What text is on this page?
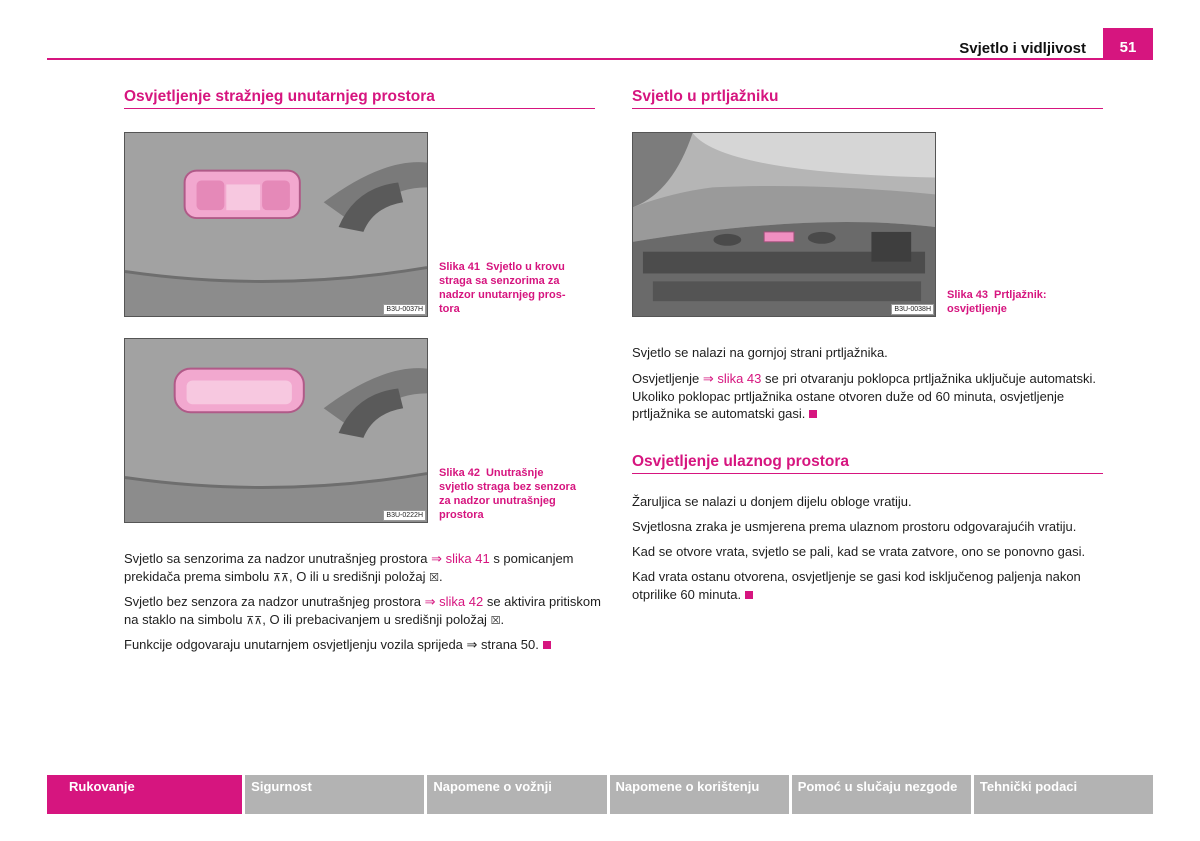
Svjetlo i vidljivost	51
Osvjetljenje stražnjeg unutarnjeg prostora
B3U-0037H
Slika 41 Svjetlo u krovu
straga sa senzorima za
nadzor unutarnjeg pros-
tora
B3U-0222H
Slika 42 Unutrašnje
svjetlo straga bez senzora
za nadzor unutrašnjeg
prostora
Svjetlo sa senzorima za nadzor unutrašnjeg prostora ⇒ slika 41 s pomicanjem
prekidača prema simbolu ⊼⊼, O ili u središnji položaj ☒.
Svjetlo bez senzora za nadzor unutrašnjeg prostora ⇒ slika 42 se aktivira pritiskom
na staklo na simbolu ⊼⊼, O ili prebacivanjem u središnji položaj ☒.
Funkcije odgovaraju unutarnjem osvjetljenju vozila sprijeda ⇒ strana 50.
Svjetlo u prtljažniku
B3U-0038H
Slika 43 Prtljažnik:
osvjetljenje
Svjetlo se nalazi na gornjoj strani prtljažnika.
Osvjetljenje ⇒ slika 43 se pri otvaranju poklopca prtljažnika uključuje automatski.
Ukoliko poklopac prtljažnika ostane otvoren duže od 60 minuta, osvjetljenje
prtljažnika se automatski gasi.
Osvjetljenje ulaznog prostora
Žaruljica se nalazi u donjem dijelu obloge vratiju.
Svjetlosna zraka je usmjerena prema ulaznom prostoru odgovarajućih vratiju.
Kad se otvore vrata, svjetlo se pali, kad se vrata zatvore, ono se ponovno gasi.
Kad vrata ostanu otvorena, osvjetljenje se gasi kod isključenog paljenja nakon
otprilike 60 minuta.
Rukovanje	Sigurnost	Napomene o vožnji	Napomene o korištenju	Pomoć u slučaju nezgode	Tehnički podaci
